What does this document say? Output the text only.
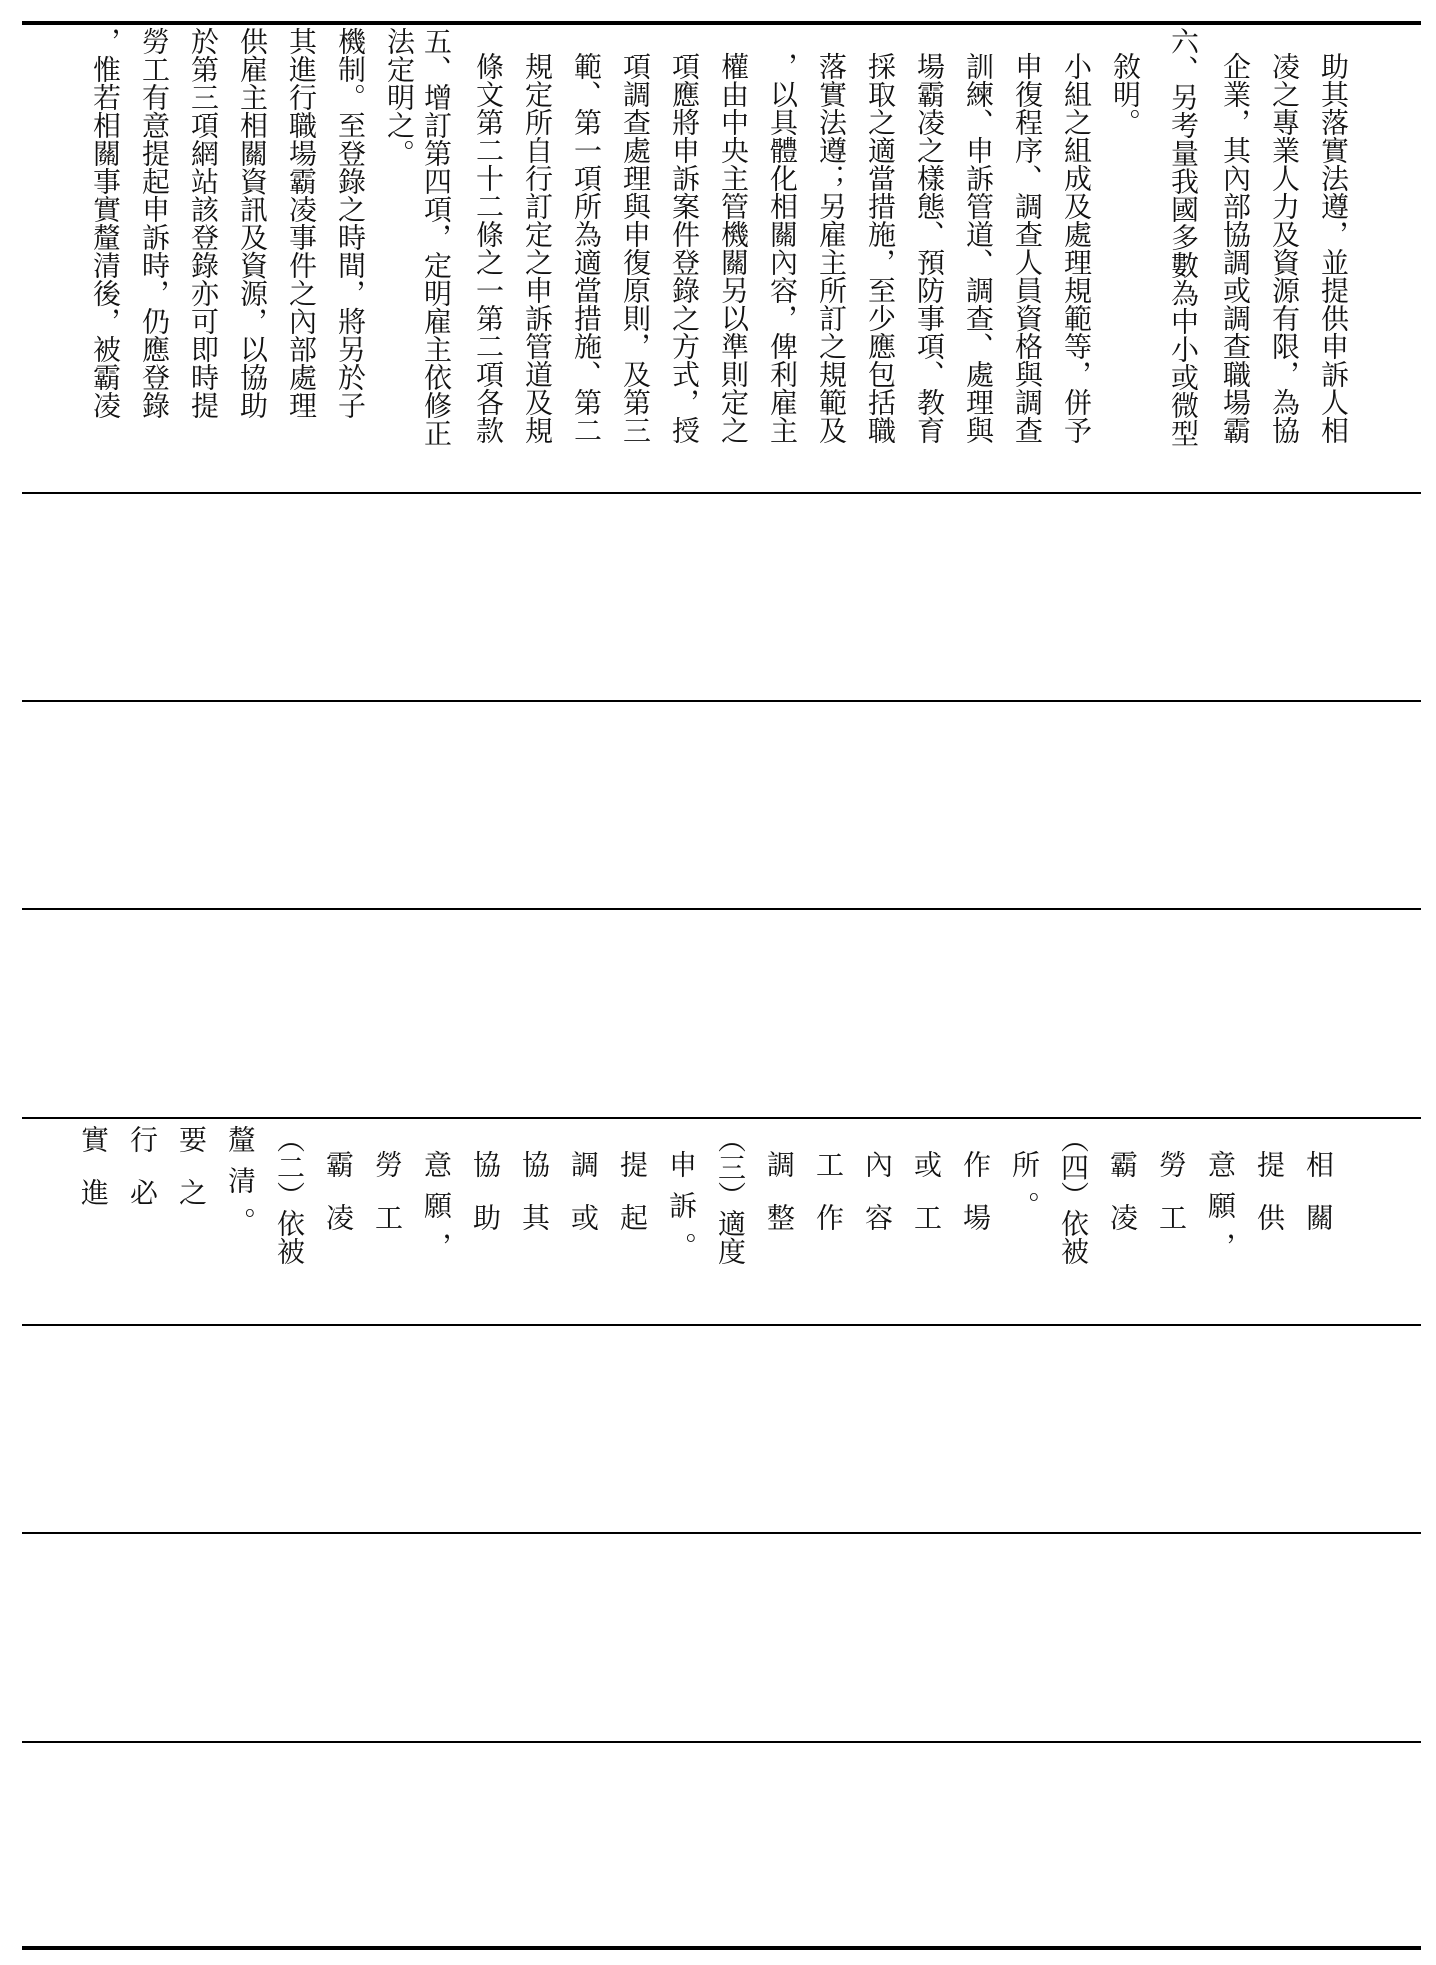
，惟若相關事實釐清後，被霸凌 勞工有意提起申訴時，仍應登錄 於第三項網站該登錄亦可即時提 供雇主相關資訊及資源，以協助 其進行職場霸凌事件之內部處理 機制。至登錄之時間，將另於子 法定明之。 五、增訂第四項，定明雇主依修正 條文第二十二條之一第二項各款 規定所自行訂定之申訴管道及規 範、第一項所為適當措施、第二 項調查處理與申復原則，及第三 項應將申訴案件登錄之方式，授 權由中央主管機關另以準則定之 ，以具體化相關內容，俾利雇主 落實法遵；另雇主所訂之規範及 採取之適當措施，至少應包括職 場霸凌之樣態、預防事項、教育 訓練、申訴管道、調查、處理與 申復程序、調查人員資格與調查 小組之組成及處理規範等，併予 敘明。 六、另考量我國多數為中小或微型 企業，其內部協調或調查職場霸 凌之專業人力及資源有限，為協 助其落實法遵，並提供申訴人相
實進 行必 要之 釐清。 （二）依被 霸凌 勞工 意願， 協助 協其 調或 提起 申訴。 （三）適度 調整 工作 內容 或工 作場 所。 （四）依被 霸凌 勞工 意願， 提供 相關
